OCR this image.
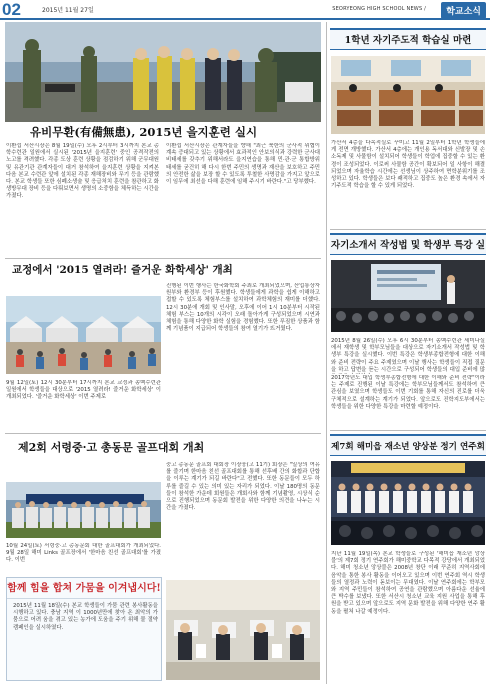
02	2015년 11월 27일	SEORYEONG HIGH SCHOOL NEWS /	학교소식
유비무환(有備無患), 2015년 을지훈련 실시
이환섭 서산시장은 8월 19일(수) 오후 2시부터 3시까지 본교 총학수련관 일원에서 실시된 '2015년 을지훈련' 중인 공격작전의 노고를 격려했다. 각종 도상 훈련 상황을 점검하기 위해 군무대원 및 유관기관 관계자들이 대거 참석하여 을지훈련 상황을 지켜본 다음 본교 수련관 앞에 설치된 각종 재해장비와 무기 등을 관람했다. 본교 학생들 또한 심폐소생술 및 응급처치 훈련을 참관하고 화생방무대 장비 등을 다뤄보면서 생명의 소중함을 체득하는 시간을 가졌다.
이환섭 서산시장은 관계자들을 향해 "최근 북한의 군사적 위협이 계속 증대되고 있는 상황에서 효과적인 안보의식과 강력한 군사대비태세를 갖추기 위해서라도 을지연습을 통해 민·관·군 통합방위태세를 굳건히 해 다시 한번 주민의 생명과 재산을 보호하고 주민의 안전한 삶을 보장 할 수 있도록 투철한 사명감을 가지고 앞으로 이 임무에 최선을 다해 훈련에 임해 주시기 바란다."고 당부했다.
교정에서 '2015 열려라! 즐거운 화학세상' 개최
9월 12일(토) 12시 30분부터 17시까지 본교 교정과 송백수련관 일원에서 학생들을 대상으로 '2015 열려라! 즐거운 화학세상' 이 개최되었다. '즐거운 화학세상' 이번 주제로
진행된 이번 행사는 한국화학회 주최로 개최되었으며, 산업통상자원부와 환경부 등이 후원했다. 학생들에게 과학을 쉽게 이해하고 접할 수 있도록 체험부스를 설치하여 과학체험의 재미를 더했다. 12시 30분에 개회 및 인사말, 오후에 이어 1시 10분부터 시작된 체험 부스는 10개의 시각이 오래 돌아가게 구성되었으며 시연과 체험을 통해 다양한 화학 실험을 경험했다. 또한 푸짐한 상품과 함께 기념품이 지급되어 학생들의 참여 열기가 뜨거웠다.
제2회 서령중·고 총동문 골프대회 개최
10월 24일(토) 서령중·고 총동문회 대한 골프대회가 개최되었다. 9월 28일 해미 Links 골프장에서 '한마음 친선 골프대회'를 가졌다. 이번
중고 총동문 골프회 대회장 이장웅(고 11기) 회장은 "일상의 여유를 즐기며 한마음 친선 골프대회를 통해 선후배 간의 화합과 단합을 이루는 계기가 되길 바란다"고 전했다. 또한 동문들이 모두 하루를 즐길 수 있는 의미 있는 자리가 되었다. 이날 180명의 동문들이 참석한 가운데 회원들은 개회사와 함께 기념촬영, 시상식 순으로 진행되었으며 동문회 발전을 위한 다양한 의견을 나누는 시간을 가졌다.
함께 힘을 합쳐 가뭄을 이겨냅시다!
2015년 11월 18일(수) 본교 학생들이 가뭄 관련 봉사활동을 시행하고 있다. 충남 지역 이 1000년만에 찾아 온 최악의 가뭄으로 어려 움을 겪고 있는 농가에 도움을 주기 위해 물 절약 캠페인을 실시하였다.
1학년 자기주도적 학습실 마련
가산서 4층을 다목적실로 꾸미고 11월 2일부터 1학년 학생들에게 전면 개방했다. 가산서 4층에는 개인용 독서대와 신발장 및 손소독제 및 사물함이 설치되어 학생들이 학업에 집중할 수 있는 환경이 조성되었다. 이로써 사물함 공간이 확보되어 일 사항이 해결 되었으며 자율학습 시간에는 선생님이 상주하여 면학분위기를 조성하고 있다. 학생들은 보다 쾌적하고 집중도 높은 환경 속에서 자기주도적 학습을 할 수 있게 되었다.
자기소개서 작성법 및 학생부 특강 실
2015년 8월 26일(수) 오후 6시 30분부터 송백수련관 세미나실에서 재학생 및 학부모님들을 대상으로 자기소개서 작성법 및 학생부 특강을 실시했다. 이번 특강은 학생부종합전형에 대한 이해와 준비 전략이 주요 주제였으며 이날 행사는 학생들이 직접 질문을 하고 답변을 듣는 시간으로 구성되어 학생들의 대입 준비에 많
2017학년도 대입 학생부종합전형에 대한 이해와 준비 전략"이라는 주제로 진행된 이날 특강에는 학부모님들께서도 참석하여 큰 관심을 보였으며 학생들도 이번 기회를 통해 자신의 진로를 더욱 구체적으로 설계하는 계기가 되었다. 앞으로도 진학지도부에서는 학생들을 위한 다양한 특강을 마련할 예정이다.
제7회 해미읍 재소년 양상분 정기 연주회
지난 11월 19일(목) 본교 학생들로 구성된 '해미읍 재소년 앙상블'의 제7회 정기 연주회가 해미중학교 다목적 강당에서 개최되었다. 해미 청소년 앙상블은 2008년 창단 이래 꾸준히 지역사회에 음악을 통한 봉사 활동을 이어오고 있으며 이번 연주회 역시 학생들의 열정과 노력이 돋보이는 무대였다. 이날 연주회에는 학부모와 지역 주민들이 참석하여 공연을 관람했으며 아름다운 선율에 큰 박수를 보냈다. 또한 서산시 청소년 교육 지원 사업을 통해 후원을 받고 있으며 앞으로도 지역 문화 발전을 위해 다양한 연주 활동을 펼쳐 나갈 예정이다.
